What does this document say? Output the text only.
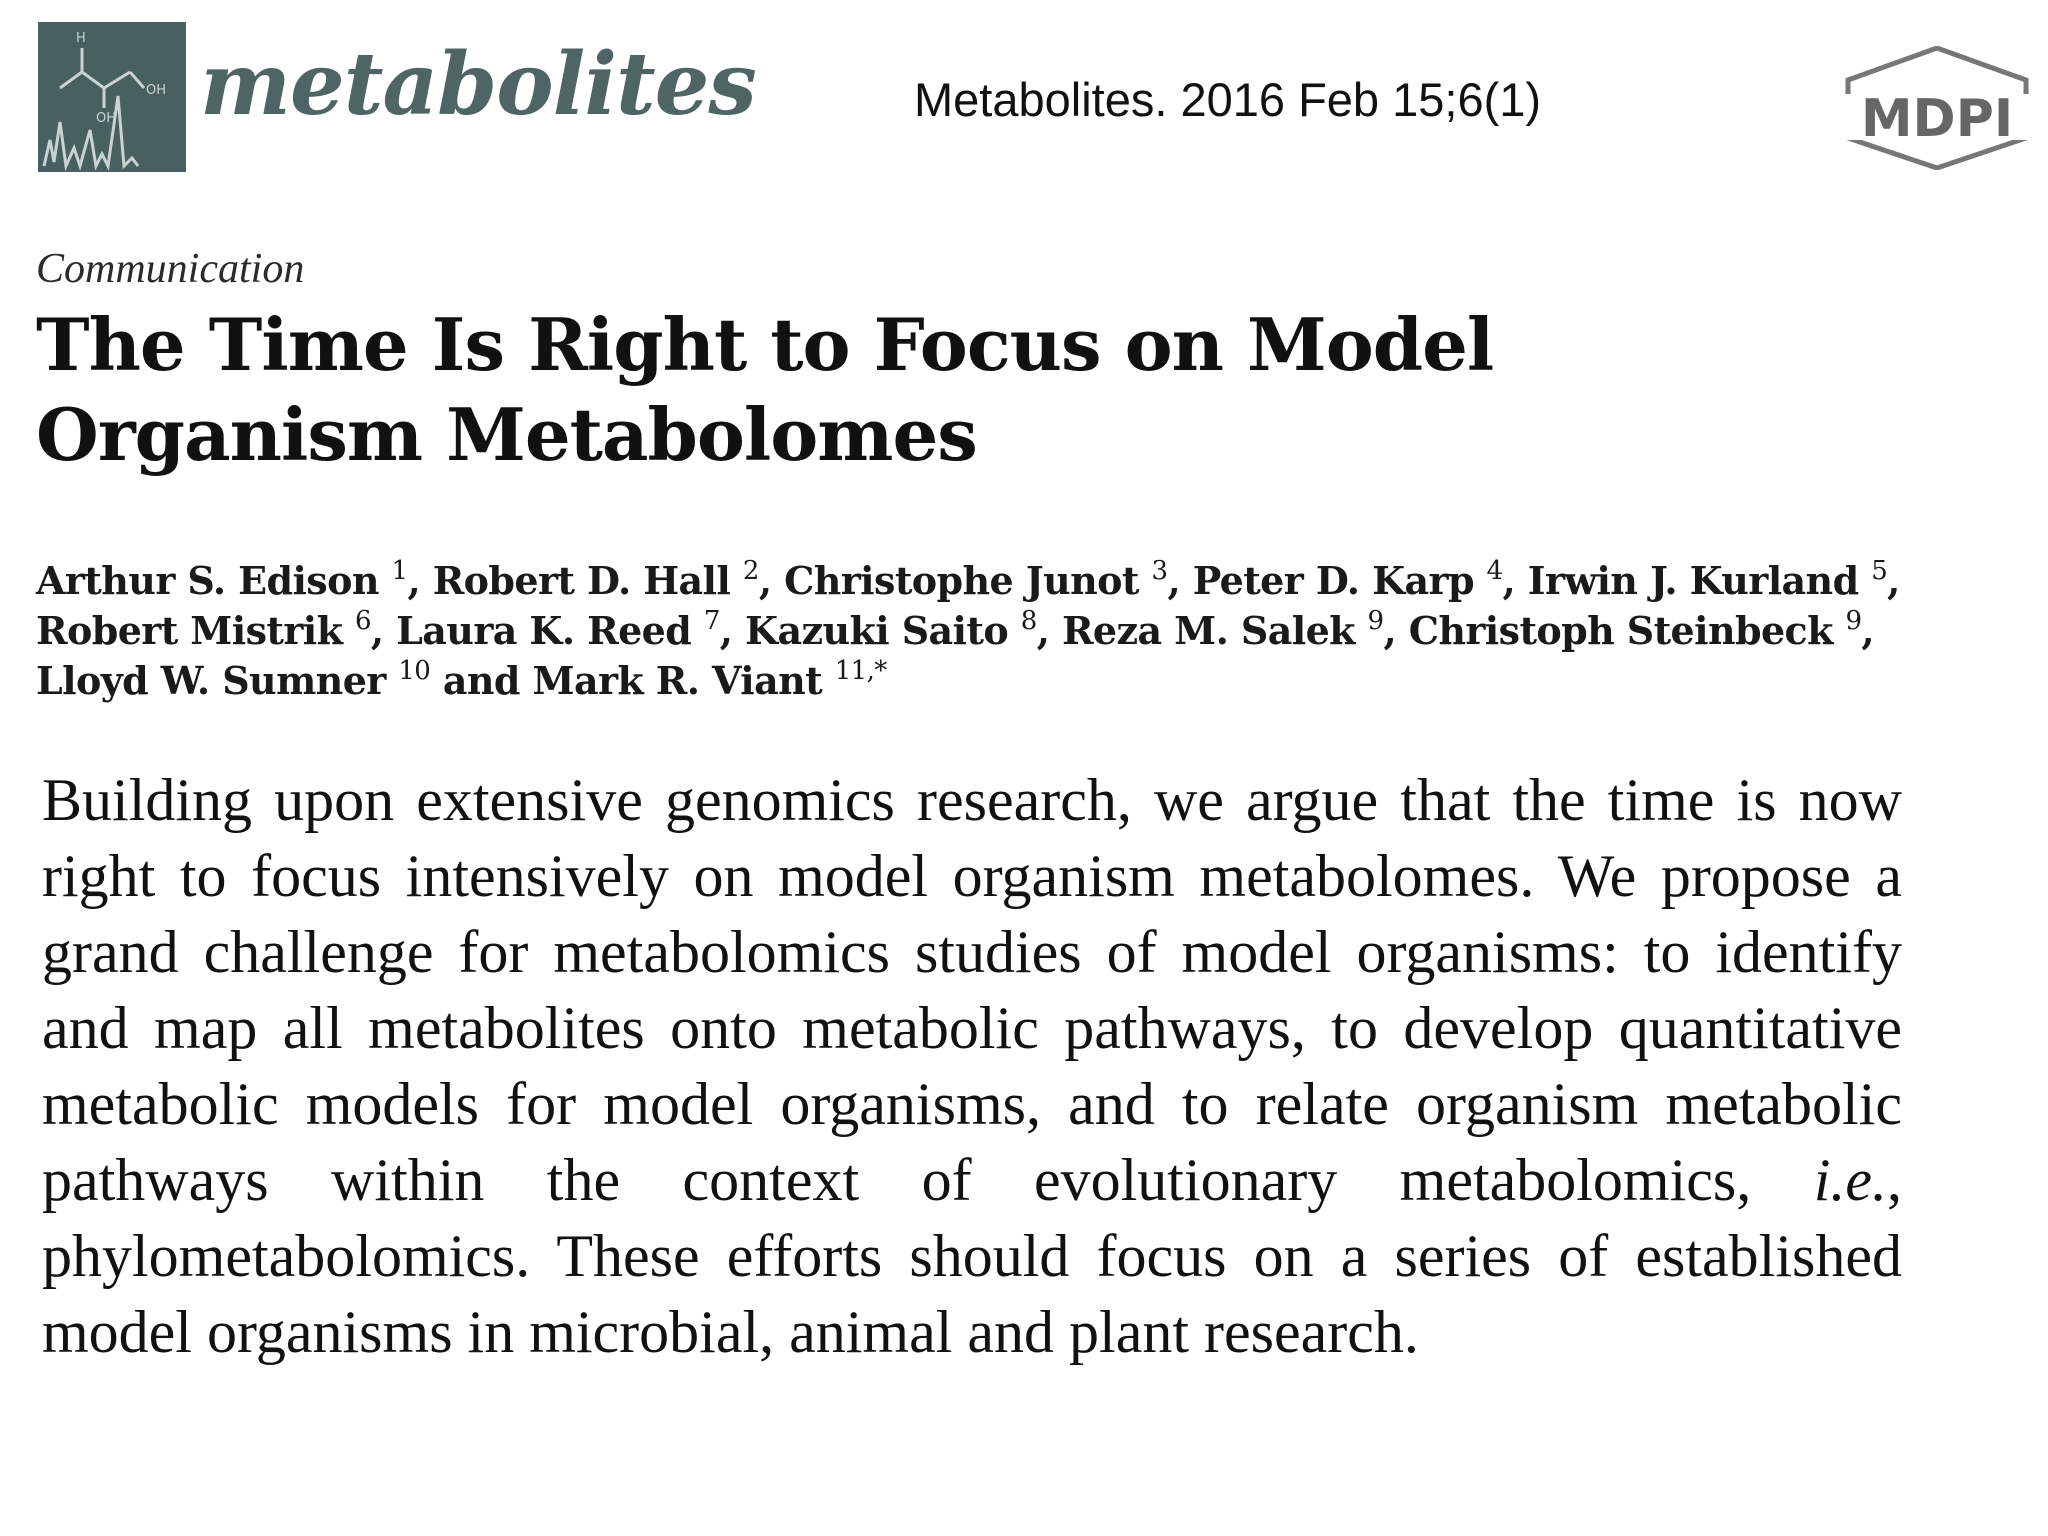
H
OH
OH metabolites	Metabolites. 2016 Feb 15;6(1)	MDPI
Communication
The Time Is Right to Focus on Model Organism Metabolomes
Arthur S. Edison $^1$, Robert D. Hall $^2$, Christophe Junot $^3$, Peter D. Karp $^4$, Irwin J. Kurland $^5$,
Robert Mistrik $^6$, Laura K. Reed $^7$, Kazuki Saito $^8$, Reza M. Salek $^9$, Christoph Steinbeck $^9$,
Lloyd W. Sumner $^{10}$ and Mark R. Viant $^{11,*}$

Building upon extensive genomics research, we argue that the time is now right to focus intensively on model organism metabolomes. We propose a grand challenge for metabolomics studies of model organisms: to identify and map all metabolites onto metabolic pathways, to develop quantitative metabolic models for model organisms, and to relate organism metabolic pathways within the context of evolutionary metabolomics, i.e., phylometabolomics. These efforts should focus on a series of established model organisms in microbial, animal and plant research.
